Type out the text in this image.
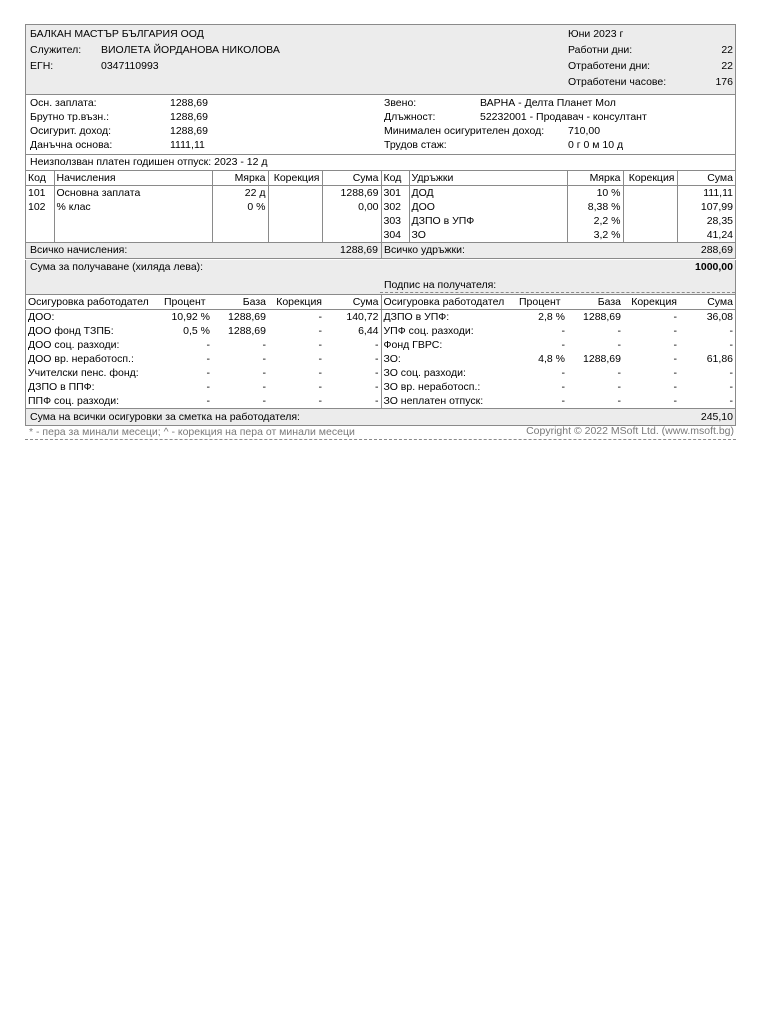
БАЛКАН МАСТЪР БЪЛГАРИЯ ООД	Юни 2023 г
Служител: ВИОЛЕТА ЙОРДАНОВА НИКОЛОВА	Работни дни:	22
ЕГН:	0347110993	Отработени дни:	22
Отработени часове:	176
Осн. заплата:	1288,69	Звено:	ВАРНА - Делта Планет Мол
Брутно тр.възн.:	1288,69	Длъжност:	52232001 - Продавач - консултант
Осигурит. доход:	1288,69	Минимален осигурителен доход: 710,00
Данъчна основа:	1111,11	Трудов стаж:	0 г 0 м 10 д
Неизползван платен годишен отпуск: 2023 - 12 д
Код	Начисления	Мярка	Корекция	Сума	Код	Удръжки	Мярка	Корекция	Сума
101	Основна заплата	22 д		1288,69	301	ДОД	10 %		111,11
102	% клас	0 %		0,00	302	ДОО	8,38 %		107,99
					303	ДЗПО в УПФ	2,2 %		28,35
					304	ЗО	3,2 %		41,24
Всичко начисления:	1288,69 Всичко удръжки:	288,69
Сума за получаване (хиляда лева):	1000,00
Подпис на получателя:
Осигуровка работодател	Процент	База	Корекция	Сума	Осигуровка работодател	Процент	База	Корекция	Сума
ДОО:	10,92 %	1288,69	-	140,72	ДЗПО в УПФ:	2,8 %	1288,69	-	36,08
ДОО фонд ТЗПБ:	0,5 %	1288,69	-	6,44	УПФ соц. разходи:	-	-	-	-
ДОО соц. разходи:	-	-	-	-	Фонд ГВРС:	-	-	-	-
ДОО вр. неработосп.:	-	-	-	-	ЗО:	4,8 %	1288,69	-	61,86
Учителски пенс. фонд:	-	-	-	-	ЗО соц. разходи:	-	-	-	-
ДЗПО в ППФ:	-	-	-	-	ЗО вр. неработосп.:	-	-	-	-
ППФ соц. разходи:	-	-	-	-	ЗО неплатен отпуск:	-	-	-	-
Сума на всички осигуровки за сметка на работодателя:	245,10
* - пера за минали месеци; ^ - корекция на пера от минали месеци	Copyright © 2022 MSoft Ltd. (www.msoft.bg)
